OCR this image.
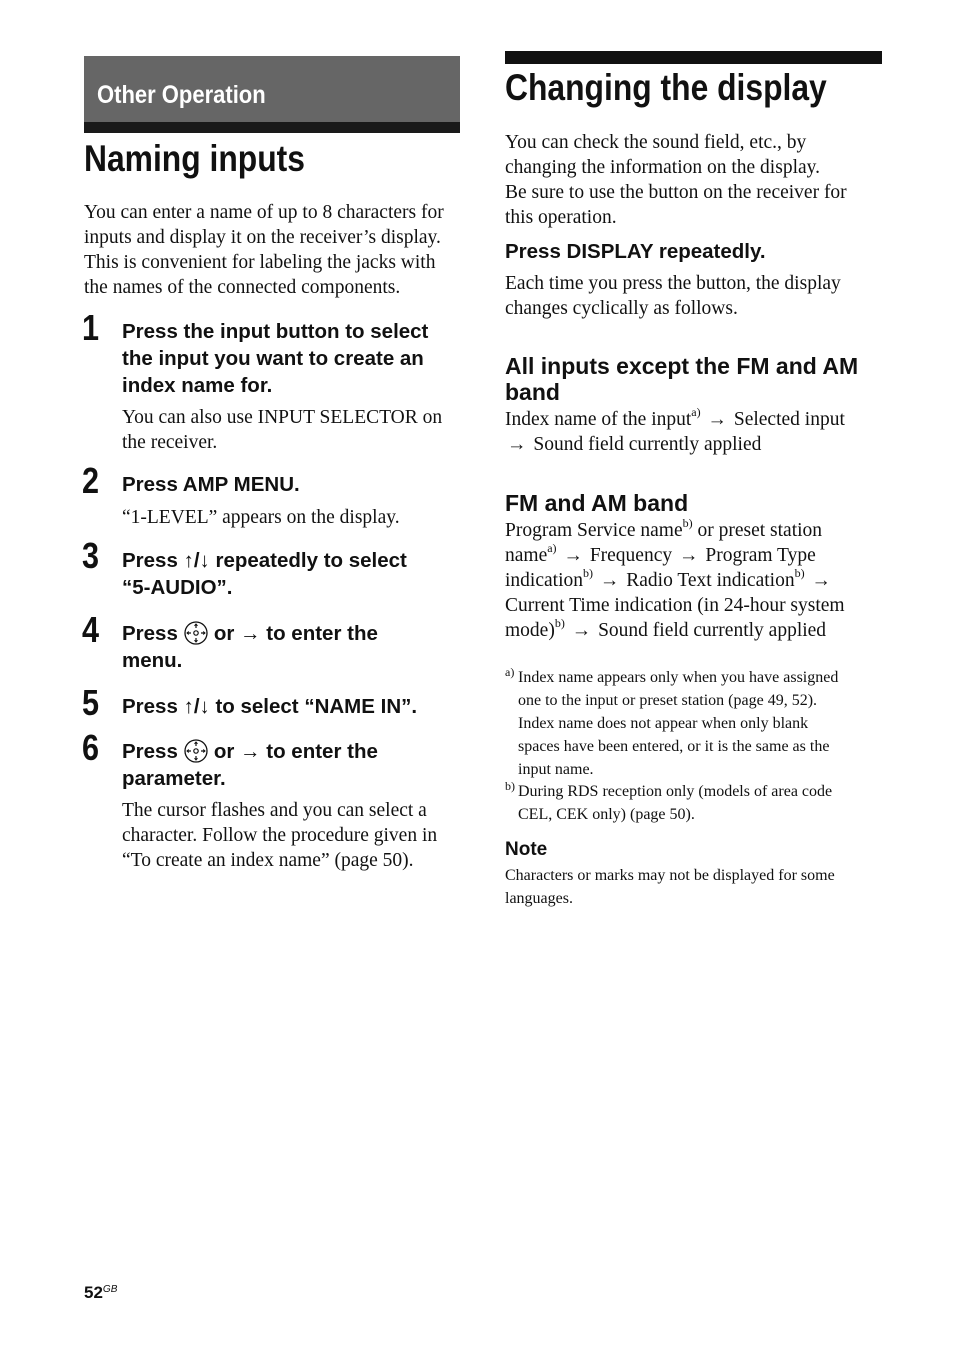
Other Operation
Naming inputs

You can enter a name of up to 8 characters for
inputs and display it on the receiver’s display.
This is convenient for labeling the jacks with
the names of the connected components.

1 Press the input button to select
the input you want to create an
index name for.

You can also use INPUT SELECTOR on
the receiver.

2 Press AMP MENU.

“1-LEVEL” appears on the display.

3 Press ↑/↓ repeatedly to select
“5-AUDIO”.

4 Press or → to enter the
menu.

5 Press ↑/↓ to select “NAME IN”.

6 Press or → to enter the
parameter.

The cursor flashes and you can select a
character. Follow the procedure given in
“To create an index name” (page 50).

Changing the display

You can check the sound field, etc., by
changing the information on the display.
Be sure to use the button on the receiver for
this operation.

Press DISPLAY repeatedly.

Each time you press the button, the display
changes cyclically as follows.

All inputs except the FM and AM
band

Index name of the input$^{a)}$ → Selected input
→ Sound field currently applied

FM and AM band

Program Service name$^{b)}$ or preset station
name$^{a)}$ → Frequency → Program Type
indication$^{b)}$ → Radio Text indication$^{b)}$ →
Current Time indication (in 24-hour system
mode)$^{b)}$ → Sound field currently applied

a) Index name appears only when you have assigned
one to the input or preset station (page 49, 52).
Index name does not appear when only blank
spaces have been entered, or it is the same as the
input name.
b) During RDS reception only (models of area code
CEL, CEK only) (page 50).

Note

Characters or marks may not be displayed for some
languages.

$52^{GB}$
